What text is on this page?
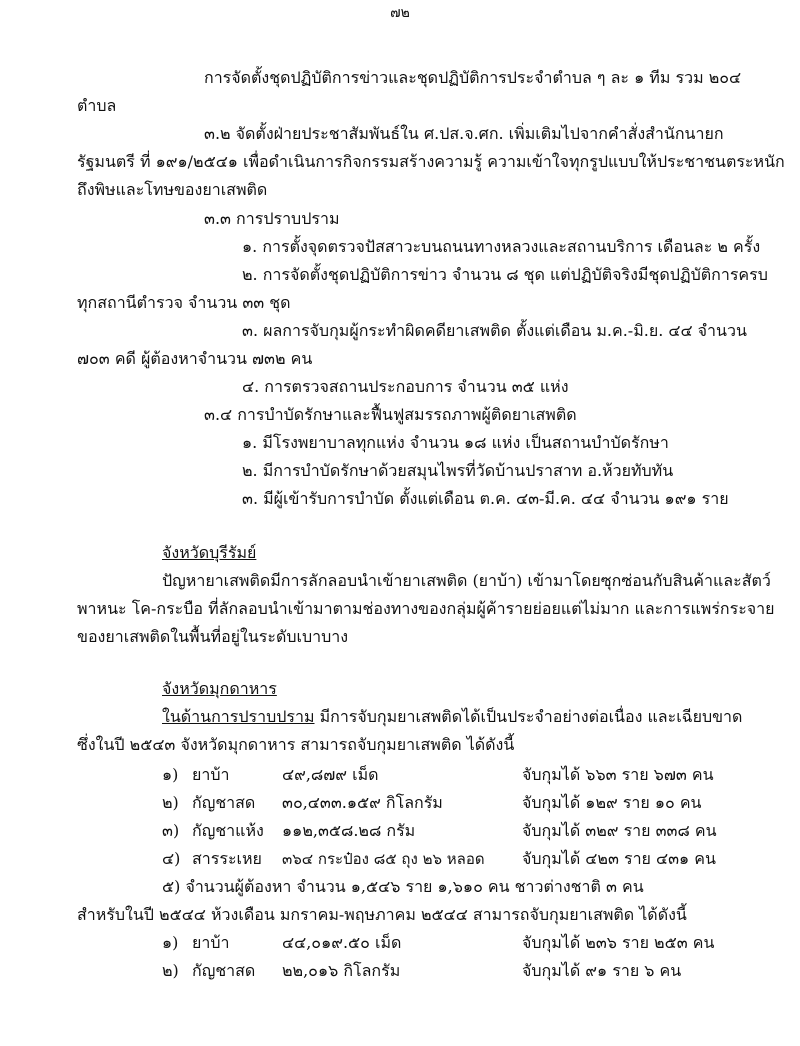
๗๒
การจัดตั้งชุดปฏิบัติการข่าวและชุดปฏิบัติการประจำตำบล ๆ ละ ๑ ทีม รวม ๒๐๔
ตำบล
๓.๒ จัดตั้งฝ่ายประชาสัมพันธ์ใน ศ.ปส.จ.ศก. เพิ่มเติมไปจากคำสั่งสำนักนายก
รัฐมนตรี ที่ ๑๙๑/๒๕๔๑ เพื่อดำเนินการกิจกรรมสร้างความรู้ ความเข้าใจทุกรูปแบบให้ประชาชนตระหนัก
ถึงพิษและโทษของยาเสพติด
๓.๓ การปราบปราม
๑. การตั้งจุดตรวจปัสสาวะบนถนนทางหลวงและสถานบริการ เดือนละ ๒ ครั้ง
๒. การจัดตั้งชุดปฏิบัติการข่าว จำนวน ๘ ชุด แต่ปฏิบัติจริงมีชุดปฏิบัติการครบ
ทุกสถานีตำรวจ จำนวน ๓๓ ชุด
๓. ผลการจับกุมผู้กระทำผิดคดียาเสพติด ตั้งแต่เดือน ม.ค.-มิ.ย. ๔๔ จำนวน
๗๐๓ คดี ผู้ต้องหาจำนวน ๗๓๒ คน
๔. การตรวจสถานประกอบการ จำนวน ๓๕ แห่ง
๓.๔ การบำบัดรักษาและฟื้นฟูสมรรถภาพผู้ติดยาเสพติด
๑. มีโรงพยาบาลทุกแห่ง จำนวน ๑๘ แห่ง เป็นสถานบำบัดรักษา
๒. มีการบำบัดรักษาด้วยสมุนไพรที่วัดบ้านปราสาท อ.ห้วยทับทัน
๓. มีผู้เข้ารับการบำบัด ตั้งแต่เดือน ต.ค. ๔๓-มี.ค. ๔๔ จำนวน ๑๙๑ ราย
จังหวัดบุรีรัมย์
ปัญหายาเสพติดมีการลักลอบนำเข้ายาเสพติด (ยาบ้า) เข้ามาโดยซุกซ่อนกับสินค้าและสัตว์
พาหนะ โค-กระบือ ที่ลักลอบนำเข้ามาตามช่องทางของกลุ่มผู้ค้ารายย่อยแต่ไม่มาก และการแพร่กระจาย
ของยาเสพติดในพื้นที่อยู่ในระดับเบาบาง
จังหวัดมุกดาหาร
ในด้านการปราบปราม มีการจับกุมยาเสพติดได้เป็นประจำอย่างต่อเนื่อง และเฉียบขาด
ซึ่งในปี ๒๕๔๓ จังหวัดมุกดาหาร สามารถจับกุมยาเสพติด ได้ดังนี้
๑) ยาบ้า	๔๙,๘๗๙ เม็ด	จับกุมได้ ๖๖๓ ราย ๖๗๓ คน
๒) กัญชาสด ๓๐,๔๓๓.๑๕๙ กิโลกรัม	จับกุมได้ ๑๒๙ ราย ๑๐ คน
๓) กัญชาแห้ง ๑๑๒,๓๕๘.๒๘ กรัม	จับกุมได้ ๓๒๙ ราย ๓๓๘ คน
๔) สารระเหย ๓๖๔ กระป๋อง ๘๕ ถุง ๒๖ หลอด จับกุมได้ ๔๒๓ ราย ๔๓๑ คน
๕) จำนวนผู้ต้องหา จำนวน ๑,๕๔๖ ราย ๑,๖๑๐ คน ชาวต่างชาติ ๓ คน
สำหรับในปี ๒๕๔๔ ห้วงเดือน มกราคม-พฤษภาคม ๒๕๔๔ สามารถจับกุมยาเสพติด ได้ดังนี้
๑) ยาบ้า	๔๔,๐๑๙.๕๐ เม็ด	จับกุมได้ ๒๓๖ ราย ๒๕๓ คน
๒) กัญชาสด ๒๒,๐๑๖ กิโลกรัม	จับกุมได้ ๙๑ ราย ๖ คน
